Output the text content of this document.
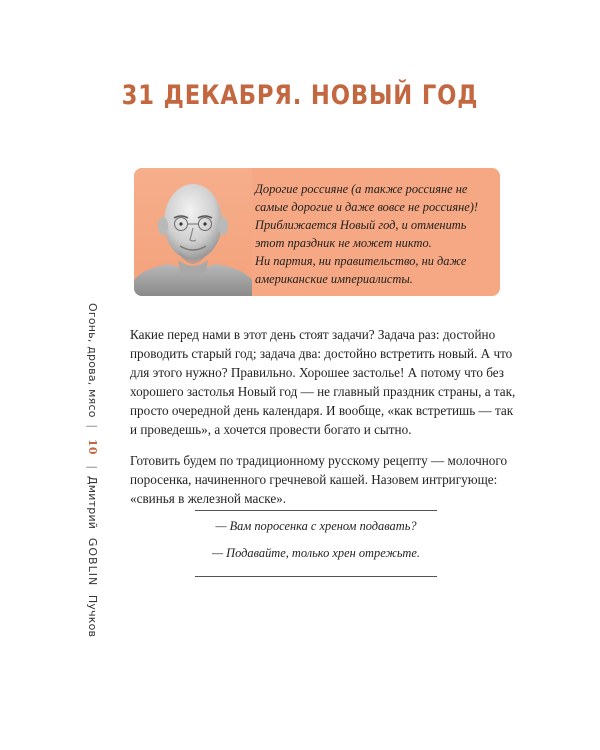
31 ДЕКАБРЯ. НОВЫЙ ГОД
Дорогие россияне (а также россияне не
самые дорогие и даже вовсе не россияне)!
Приближается Новый год, и отменить
этот праздник не может никто.
Ни партия, ни правительство, ни даже
американские империалисты.

Какие перед нами в этот день стоят задачи? Задача раз: достойно
проводить старый год; задача два: достойно встретить новый. А что
для этого нужно? Правильно. Хорошее застолье! А потому что без
хорошего застолья Новый год — не главный праздник страны, а так,
просто очередной день календаря. И вообще, «как встретишь — так
и проведешь», а хочется провести богато и сытно.

Готовить будем по традиционному русскому рецепту — молочного
поросенка, начиненного гречневой кашей. Назовем интригующе:
«свинья в железной маске».

— Вам поросенка с хреном подавать?
— Подавайте, только хрен отрежьте.
Огонь, дрова, мясо | 10 | Дмитрий GOBLIN Пучков
